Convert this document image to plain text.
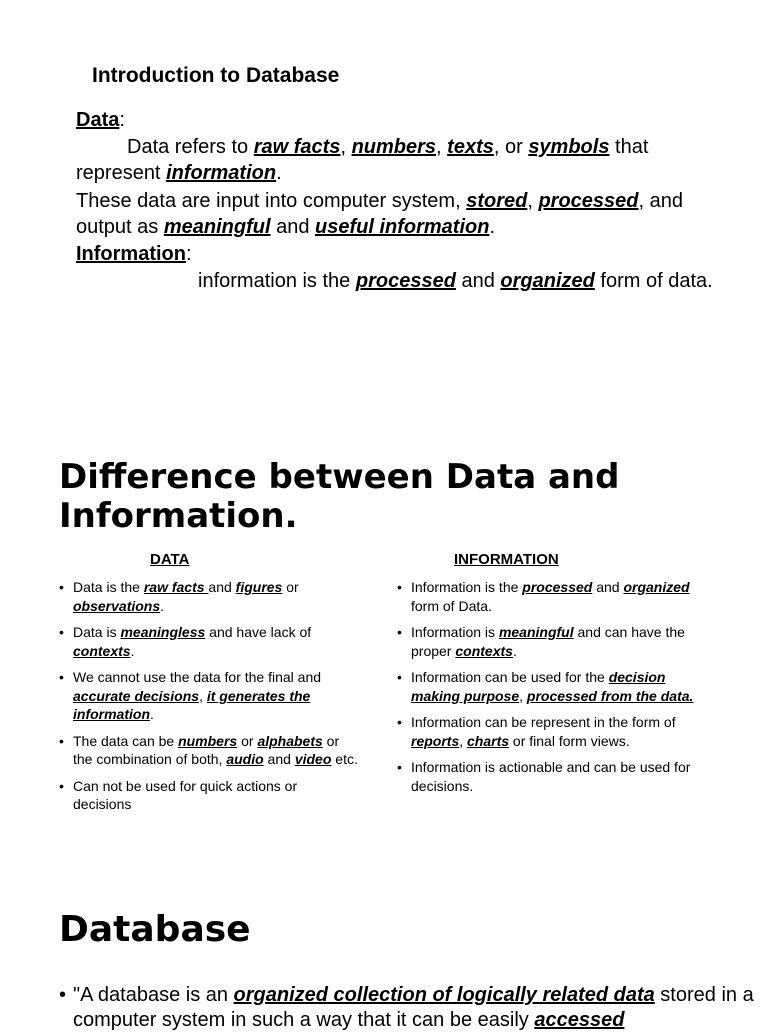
Introduction to Database
Data:
Data refers to raw facts, numbers, texts, or symbols that
represent information.
These data are input into computer system, stored, processed, and
output as meaningful and useful information.
Information:
information is the processed and organized form of data.
Difference between Data and
Information.
DATA	INFORMATION
• Data is the raw facts and figures or observations.
• Data is meaningless and have lack of contexts.
• We cannot use the data for the final and accurate decisions, it generates the information.
• The data can be numbers or alphabets or the combination of both, audio and video etc.
• Can not be used for quick actions or decisions
• Information is the processed and organized form of Data.
• Information is meaningful and can have the proper contexts.
• Information can be used for the decision making purpose, processed from the data.
• Information can be represent in the form of reports, charts or final form views.
• Information is actionable and can be used for decisions.
Database
• "A database is an organized collection of logically related data stored in a computer system in such a way that it can be easily accessed
